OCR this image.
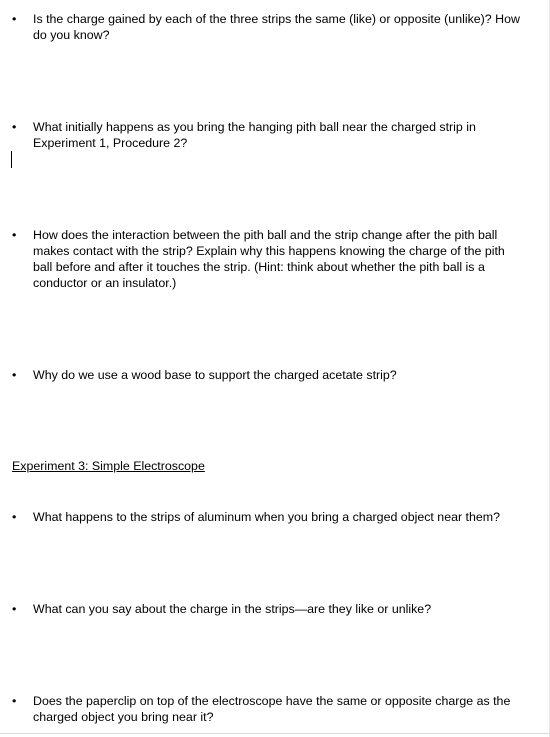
•	Is the charge gained by each of the three strips the same (like) or opposite (unlike)? How do you know?
•	What initially happens as you bring the hanging pith ball near the charged strip in Experiment 1, Procedure 2?
•	How does the interaction between the pith ball and the strip change after the pith ball makes contact with the strip? Explain why this happens knowing the charge of the pith ball before and after it touches the strip. (Hint: think about whether the pith ball is a conductor or an insulator.)
•	Why do we use a wood base to support the charged acetate strip?
Experiment 3: Simple Electroscope
•	What happens to the strips of aluminum when you bring a charged object near them?
•	What can you say about the charge in the strips—are they like or unlike?
•	Does the paperclip on top of the electroscope have the same or opposite charge as the charged object you bring near it?
